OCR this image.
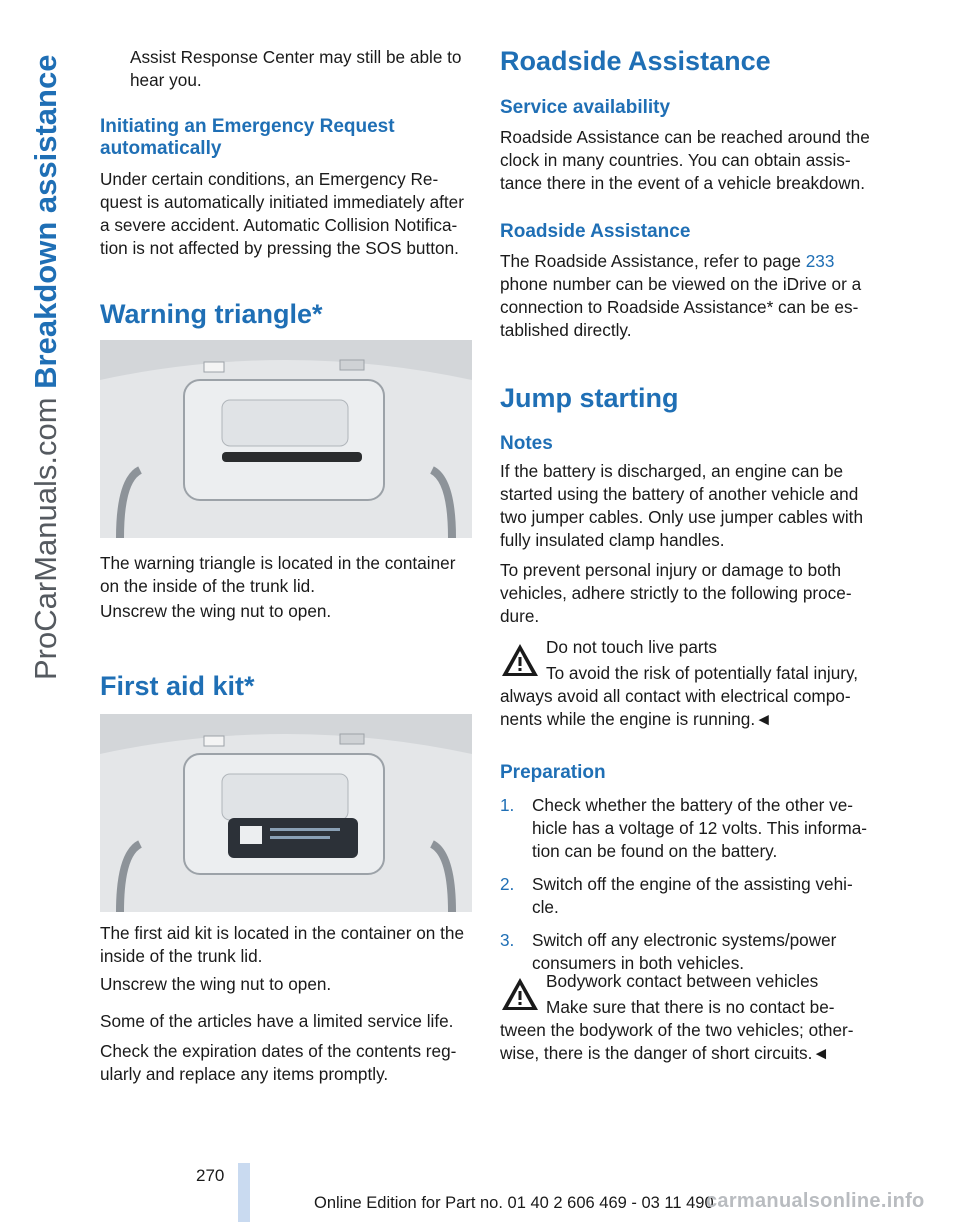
ProCarManuals.com Breakdown assistance	Assist Response Center may still be able to hear you.

Initiating an Emergency Request automatically

Under certain conditions, an Emergency Re-quest is automatically initiated immediately after a severe accident. Automatic Collision Notifica-tion is not affected by pressing the SOS button.

Warning triangle*

The warning triangle is located in the container on the inside of the trunk lid.

Unscrew the wing nut to open.

First aid kit*

The first aid kit is located in the container on the inside of the trunk lid.

Unscrew the wing nut to open.

Some of the articles have a limited service life.

Check the expiration dates of the contents reg-ularly and replace any items promptly.

Roadside Assistance
Service availability

Roadside Assistance can be reached around the clock in many countries. You can obtain assis-tance there in the event of a vehicle breakdown.

Roadside Assistance

The Roadside Assistance, refer to page 233 phone number can be viewed on the iDrive or a connection to Roadside Assistance* can be es-tablished directly.

Jump starting
Notes

If the battery is discharged, an engine can be started using the battery of another vehicle and two jumper cables. Only use jumper cables with fully insulated clamp handles.

To prevent personal injury or damage to both vehicles, adhere strictly to the following proce-dure.

Do not touch live parts

To avoid the risk of potentially fatal injury,

always avoid all contact with electrical compo-nents while the engine is running.◄

Preparation
1. Check whether the battery of the other ve-hicle has a voltage of 12 volts. This informa-tion can be found on the battery.
2. Switch off the engine of the assisting vehi-cle.
3. Switch off any electronic systems/power consumers in both vehicles.

Bodywork contact between vehicles

Make sure that there is no contact be-

tween the bodywork of the two vehicles; other-wise, there is the danger of short circuits.◄

270
Online Edition for Part no. 01 40 2 606 469 - 03 11 490
carmanualsonline.info
